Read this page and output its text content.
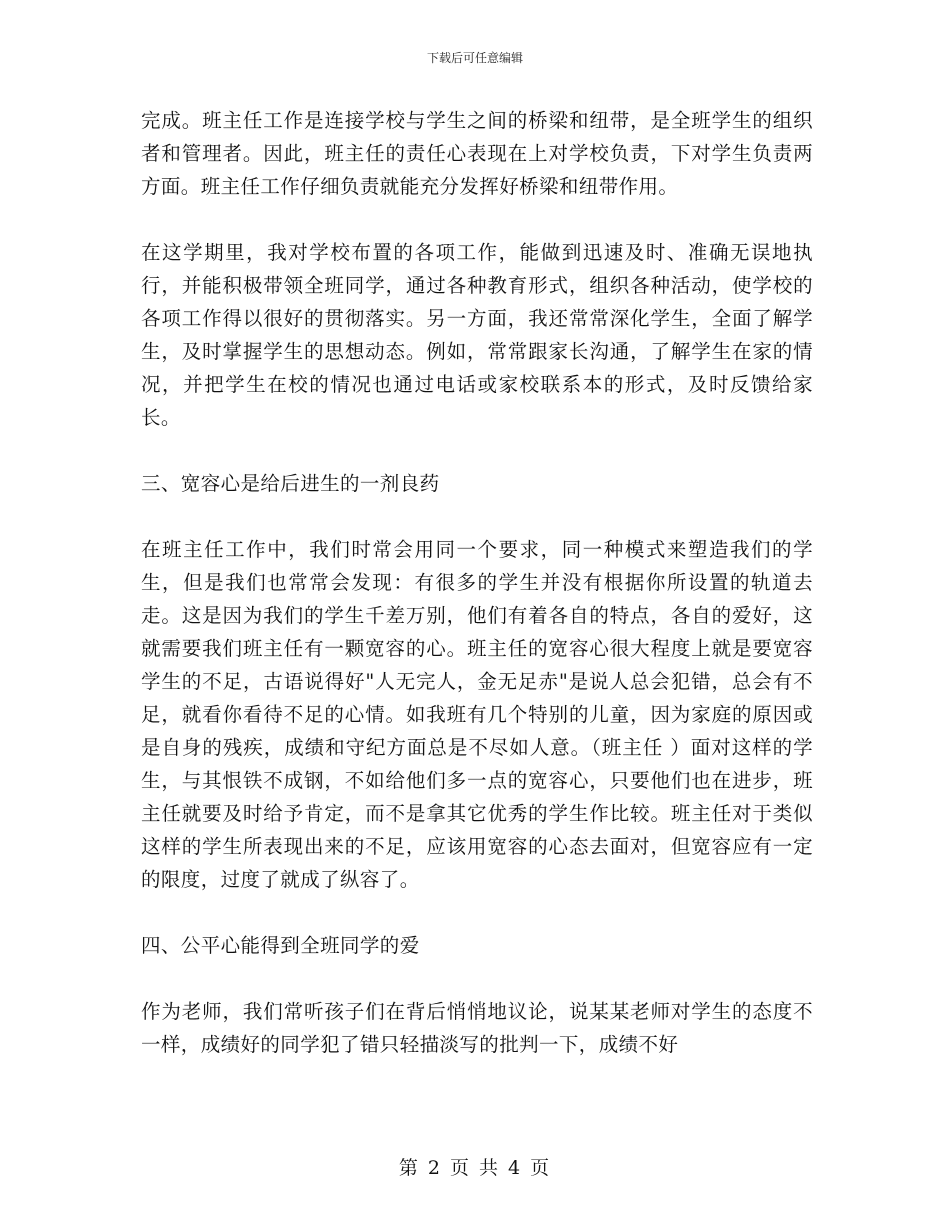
下载后可任意编辑

完成。班主任工作是连接学校与学生之间的桥梁和纽带，是全班学生的组织者和管理者。因此，班主任的责任心表现在上对学校负责，下对学生负责两方面。班主任工作仔细负责就能充分发挥好桥梁和纽带作用。

在这学期里，我对学校布置的各项工作，能做到迅速及时、准确无误地执行，并能积极带领全班同学，通过各种教育形式，组织各种活动，使学校的各项工作得以很好的贯彻落实。另一方面，我还常常深化学生，全面了解学生，及时掌握学生的思想动态。例如，常常跟家长沟通，了解学生在家的情况，并把学生在校的情况也通过电话或家校联系本的形式，及时反馈给家长。

三、宽容心是给后进生的一剂良药

在班主任工作中，我们时常会用同一个要求，同一种模式来塑造我们的学生，但是我们也常常会发现：有很多的学生并没有根据你所设置的轨道去走。这是因为我们的学生千差万别，他们有着各自的特点，各自的爱好，这就需要我们班主任有一颗宽容的心。班主任的宽容心很大程度上就是要宽容学生的不足，古语说得好"人无完人，金无足赤"是说人总会犯错，总会有不足，就看你看待不足的心情。如我班有几个特别的儿童，因为家庭的原因或是自身的残疾，成绩和守纪方面总是不尽如人意。（班主任 ）面对这样的学生，与其恨铁不成钢，不如给他们多一点的宽容心，只要他们也在进步，班主任就要及时给予肯定，而不是拿其它优秀的学生作比较。班主任对于类似这样的学生所表现出来的不足，应该用宽容的心态去面对，但宽容应有一定的限度，过度了就成了纵容了。

四、公平心能得到全班同学的爱

作为老师，我们常听孩子们在背后悄悄地议论，说某某老师对学生的态度不一样，成绩好的同学犯了错只轻描淡写的批判一下，成绩不好

第 2 页 共 4 页
